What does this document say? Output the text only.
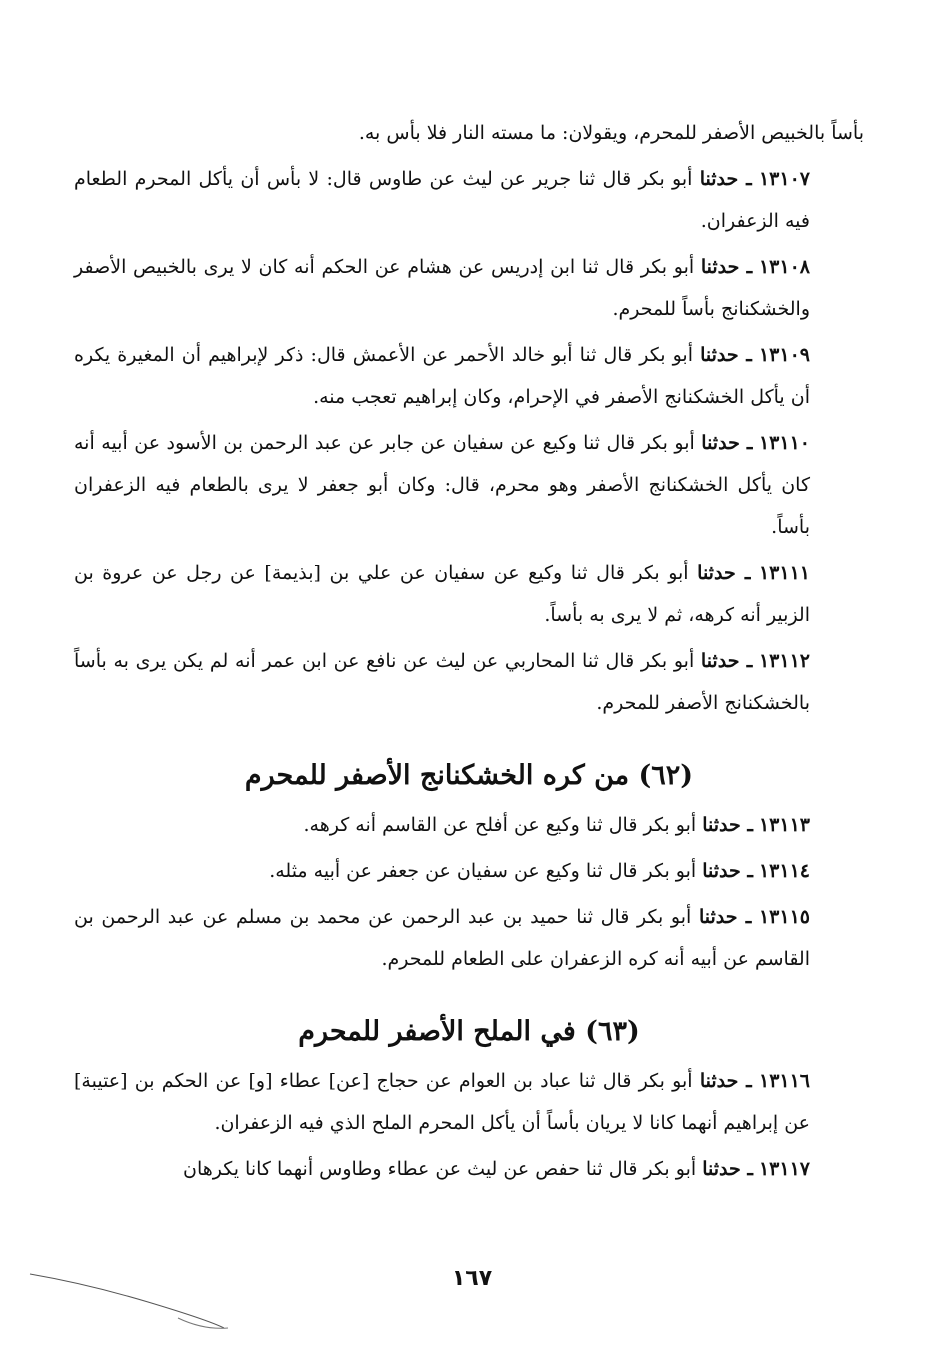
بأساً بالخبيص الأصفر للمحرم، ويقولان: ما مسته النار فلا بأس به.

١٣١٠٧ ـ حدثنا أبو بكر قال ثنا جرير عن ليث عن طاوس قال: لا بأس أن يأكل المحرم الطعام فيه الزعفران.

١٣١٠٨ ـ حدثنا أبو بكر قال ثنا ابن إدريس عن هشام عن الحكم أنه كان لا يرى بالخبيص الأصفر والخشكنانج بأساً للمحرم.

١٣١٠٩ ـ حدثنا أبو بكر قال ثنا أبو خالد الأحمر عن الأعمش قال: ذكر لإبراهيم أن المغيرة يكره أن يأكل الخشكنانج الأصفر في الإحرام، وكان إبراهيم تعجب منه.

١٣١١٠ ـ حدثنا أبو بكر قال ثنا وكيع عن سفيان عن جابر عن عبد الرحمن بن الأسود عن أبيه أنه كان يأكل الخشكنانج الأصفر وهو محرم، قال: وكان أبو جعفر لا يرى بالطعام فيه الزعفران بأساً.

١٣١١١ ـ حدثنا أبو بكر قال ثنا وكيع عن سفيان عن علي بن [بذيمة] عن رجل عن عروة بن الزبير أنه كرهه، ثم لا يرى به بأساً.

١٣١١٢ ـ حدثنا أبو بكر قال ثنا المحاربي عن ليث عن نافع عن ابن عمر أنه لم يكن يرى به بأساً بالخشكنانج الأصفر للمحرم.

(٦٢) من كره الخشكنانج الأصفر للمحرم

١٣١١٣ ـ حدثنا أبو بكر قال ثنا وكيع عن أفلح عن القاسم أنه كرهه.

١٣١١٤ ـ حدثنا أبو بكر قال ثنا وكيع عن سفيان عن جعفر عن أبيه مثله.

١٣١١٥ ـ حدثنا أبو بكر قال ثنا حميد بن عبد الرحمن عن محمد بن مسلم عن عبد الرحمن بن القاسم عن أبيه أنه كره الزعفران على الطعام للمحرم.

(٦٣) في الملح الأصفر للمحرم

١٣١١٦ ـ حدثنا أبو بكر قال ثنا عباد بن العوام عن حجاج [عن] عطاء [و] عن الحكم بن [عتيبة] عن إبراهيم أنهما كانا لا يريان بأساً أن يأكل المحرم الملح الذي فيه الزعفران.

١٣١١٧ ـ حدثنا أبو بكر قال ثنا حفص عن ليث عن عطاء وطاوس أنهما كانا يكرهان

١٦٧
